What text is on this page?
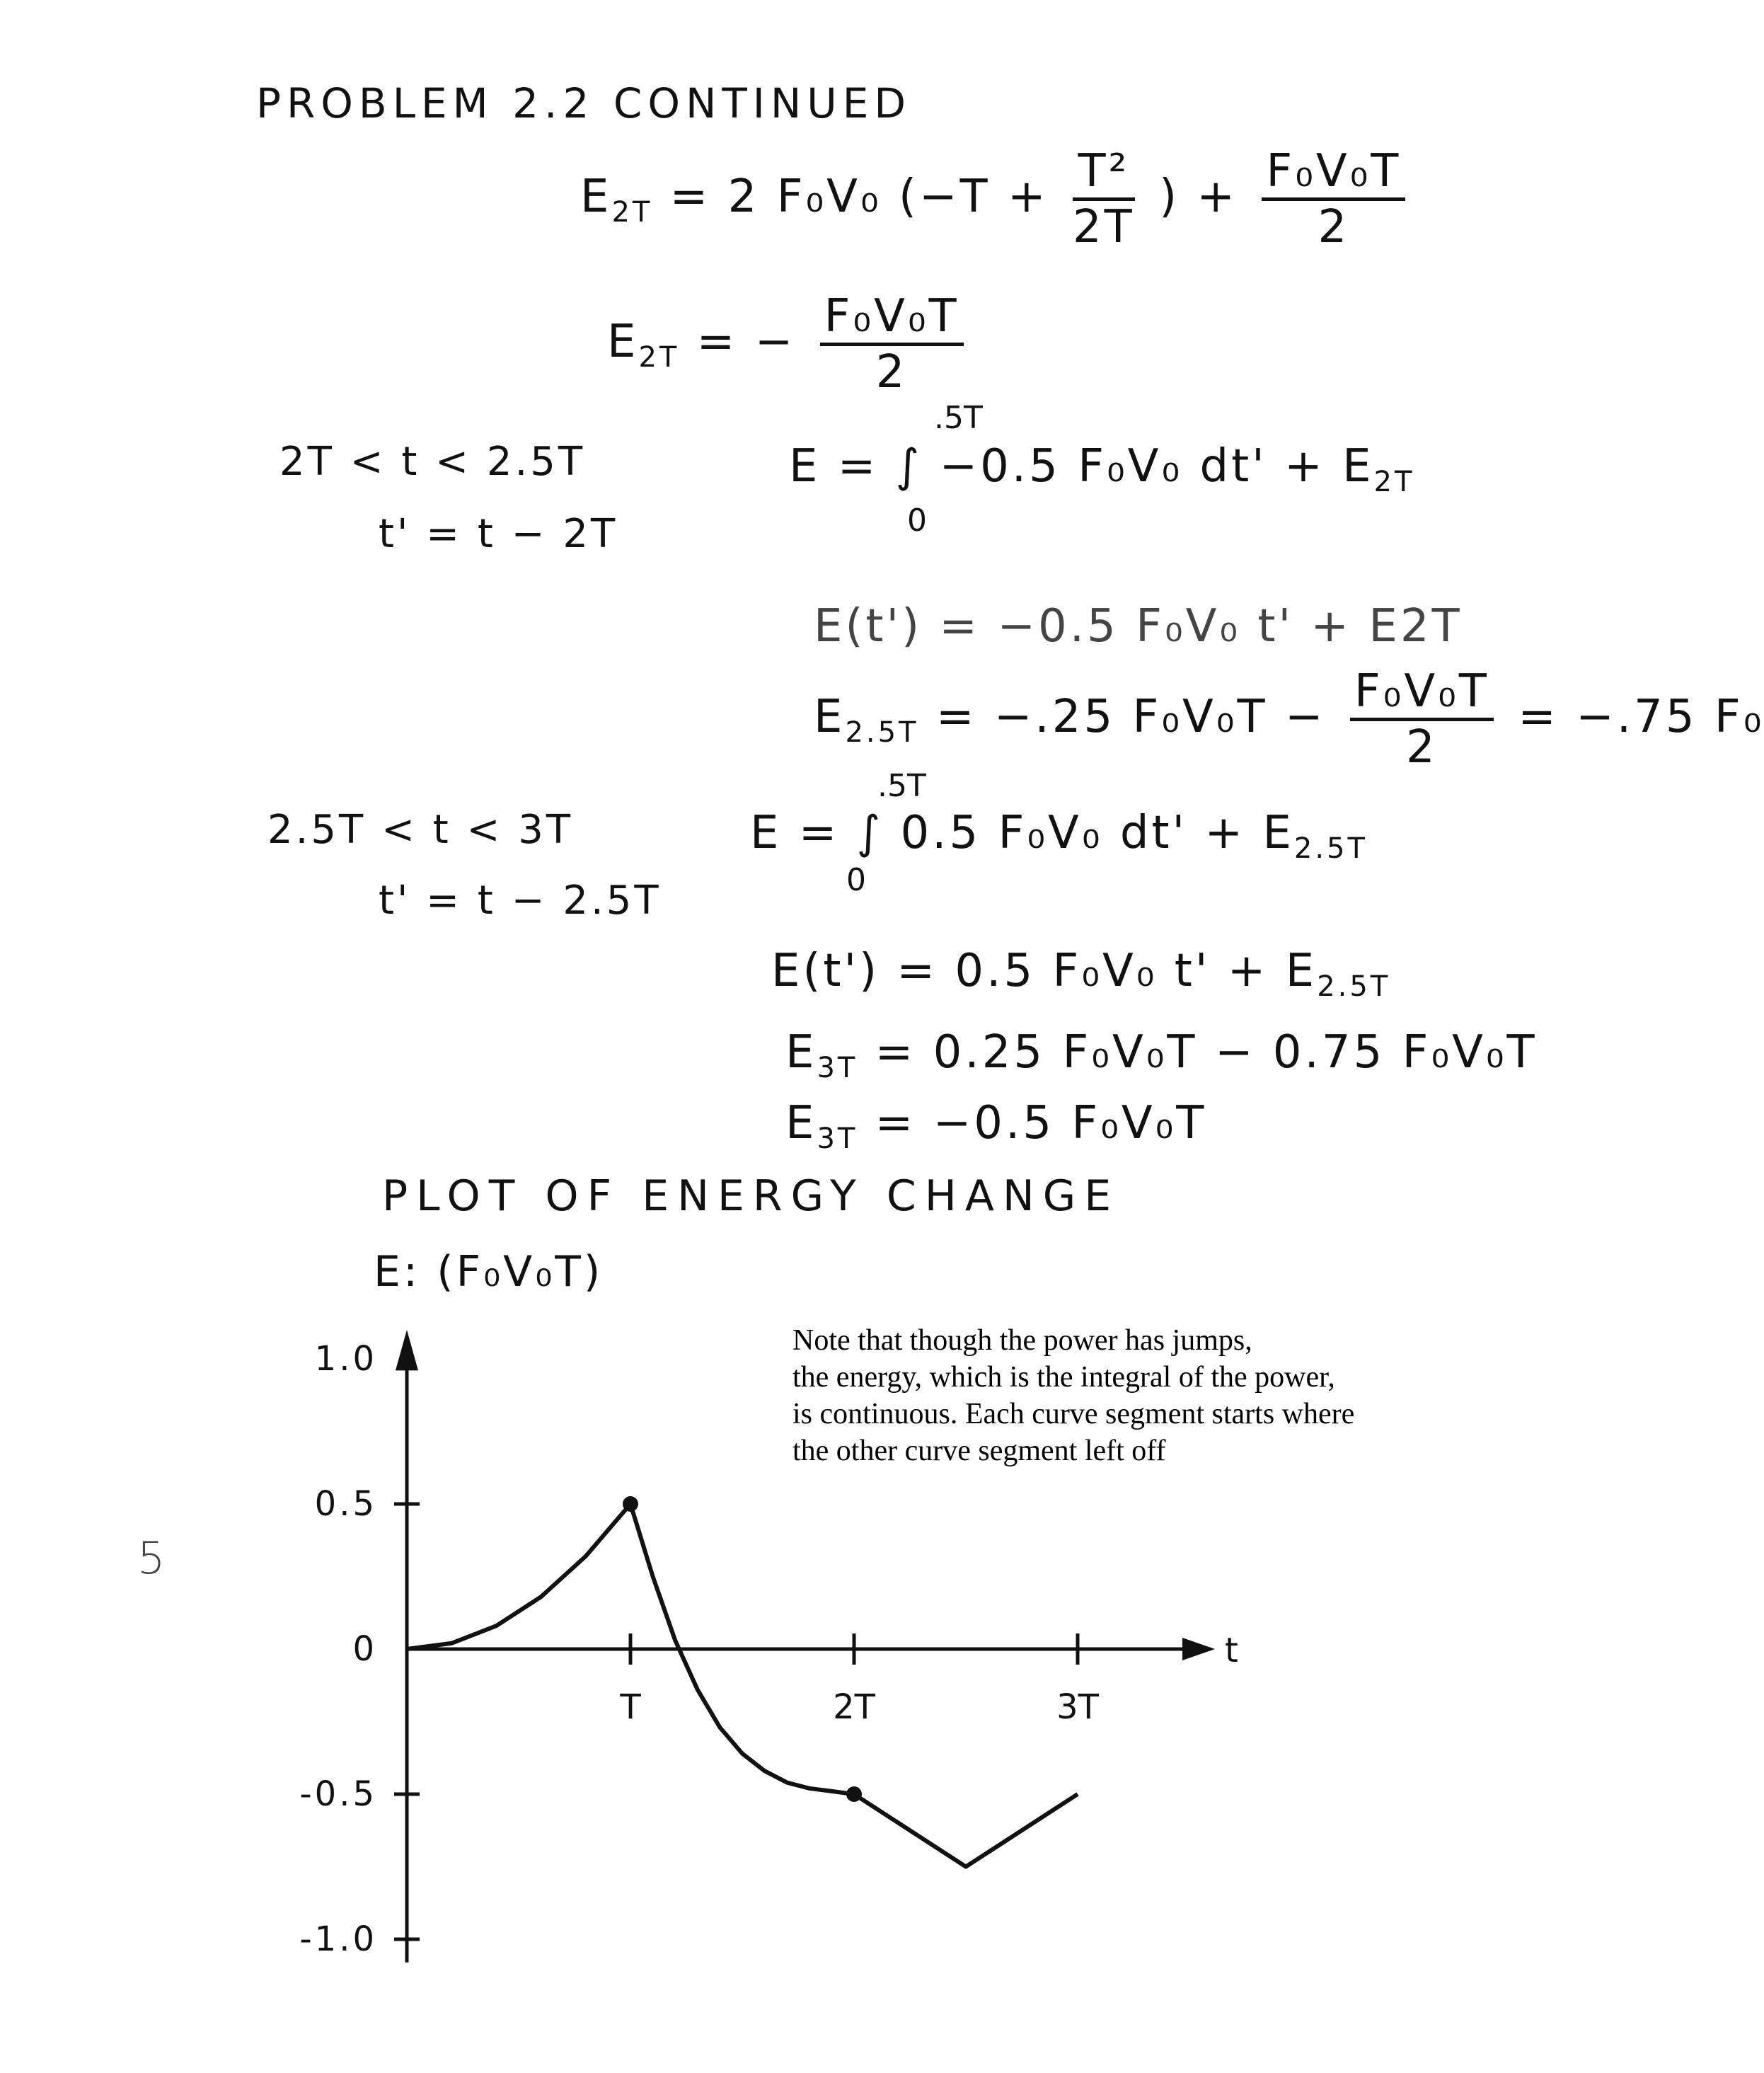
PROBLEM 2.2 CONTINUED
$E_{2T} = 2$ F₀V₀ ($-T + \frac{\text{T²}}{2T}$ ) + $\frac{\text{F₀V₀T}}{2}$
$E_{2T}$ = − $\frac{\text{F₀V₀T}}{2}$
2T < t < 2.5T
t' = t − 2T
.5T
0
E = ∫ −0.5 F₀V₀ $dt' + E_{2T}$
E(t') = −0.5 F₀V₀ t' + E2T
$E_{2.5T} = -.25$ $F_0V_0T - \frac{\text{F₀V₀T}}{2} = -.75$ F₀
2.5T < t < 3T
t' = t − 2.5T
.5T
0
E = ∫ 0.5 F₀V₀ $dt' + E_{2.5T}$
E(t') = 0.5 F₀V₀ $t' + E_{2.5T}$
$E_{3T} = 0.25$ F₀V₀T − 0.75 F₀V₀T
$E_{3T} = -0.5$ F₀V₀T
PLOT OF ENERGY CHANGE
E: (F₀V₀T)
Note that though the power has jumps,
the energy, which is the integral of the power,
is continuous. Each curve segment starts where
the other curve segment left off
5
t
1.0
0.5
0
-0.5
-1.0
T	2T	3T
